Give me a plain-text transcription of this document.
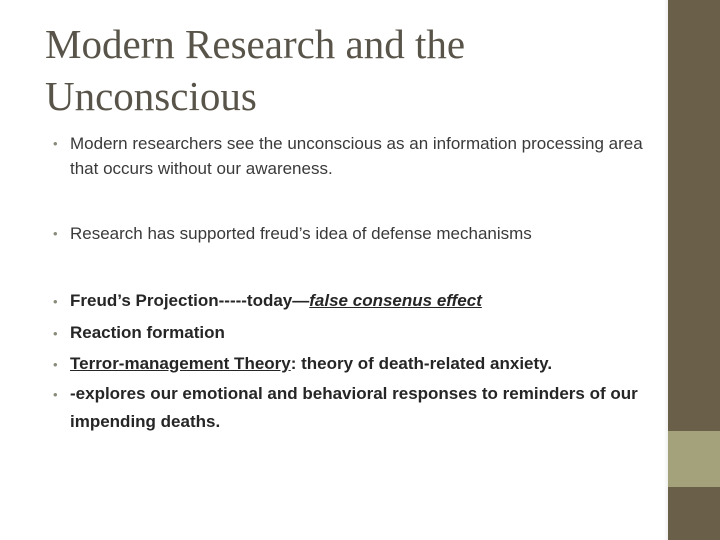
Modern Research and the Unconscious
• Modern researchers see the unconscious as an information processing area that occurs without our awareness.
• Research has supported freud’s idea of defense mechanisms
• Freud’s Projection-----today—false consenus effect
• Reaction formation
• Terror-management Theory: theory of death-related anxiety.
• -explores our emotional and behavioral responses to reminders of our impending deaths.
